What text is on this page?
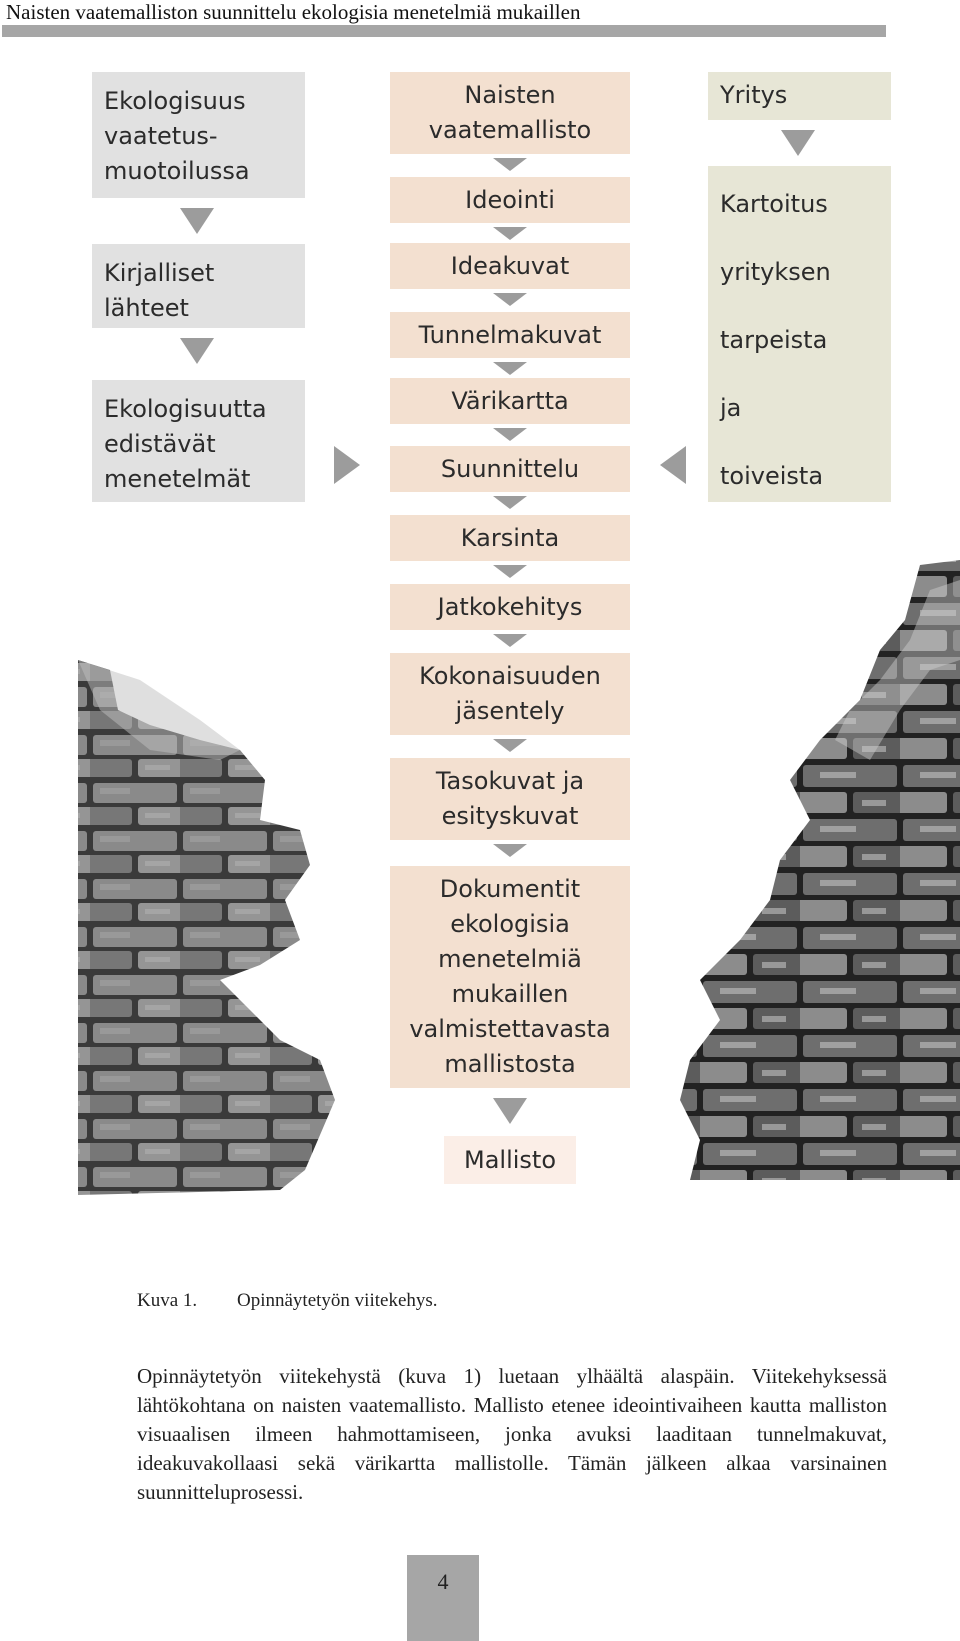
Naisten vaatemalliston suunnittelu ekologisia menetelmiä mukaillen
Ekologisuus
vaatetus-
muotoilussa
Kirjalliset
lähteet
Ekologisuutta
edistävät
menetelmät
Naisten
vaatemallisto
Ideointi
Ideakuvat
Tunnelmakuvat
Värikartta
Suunnittelu
Karsinta
Jatkokehitys
Kokonaisuuden
jäsentely
Tasokuvat ja
esityskuvat
Dokumentit
ekologisia
menetelmiä
mukaillen
valmistettavasta
mallistosta
Mallisto
Yritys
Kartoitus
yrityksen
tarpeista
ja
toiveista
Kuva 1. Opinnäytetyön viitekehys.
Opinnäytetyön viitekehystä (kuva 1) luetaan ylhäältä alaspäin. Viitekehyksessä lähtökohtana on naisten vaatemallisto. Mallisto etenee ideointivaiheen kautta malliston visuaalisen ilmeen hahmottamiseen, jonka avuksi laaditaan tunnelmakuvat, ideakuvakollaasi sekä värikartta mallistolle. Tämän jälkeen alkaa varsinainen suunnitteluprosessi.
4
